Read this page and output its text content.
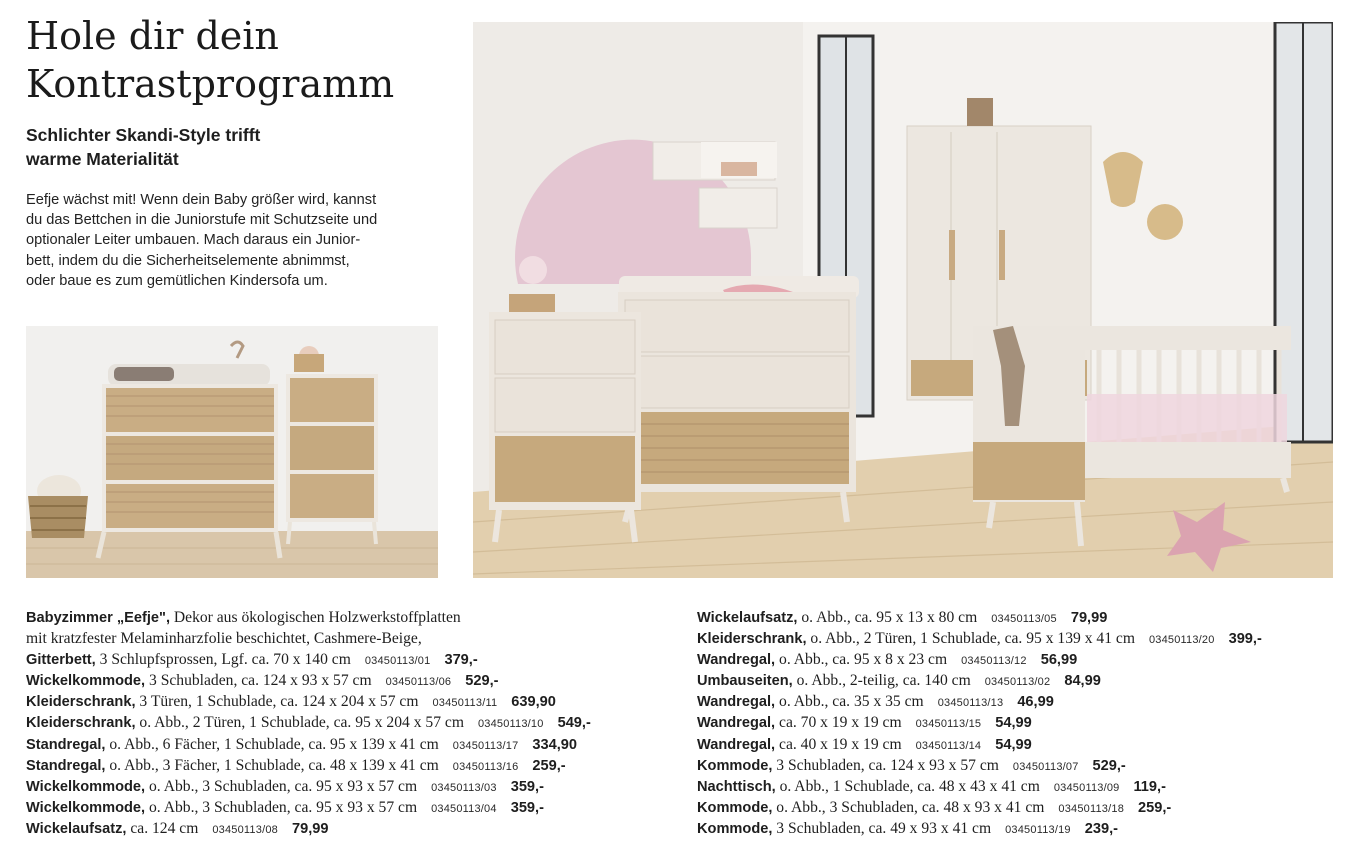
Hole dir dein
Kontrastprogramm
Schlichter Skandi-Style trifft
warme Materialität

Eefje wächst mit! Wenn dein Baby größer wird, kannst
du das Bettchen in die Juniorstufe mit Schutzseite und
optionaler Leiter umbauen. Mach daraus ein Junior-
bett, indem du die Sicherheitselemente abnimmst,
oder baue es zum gemütlichen Kindersofa um.

Babyzimmer „Eefje", Dekor aus ökologischen Holzwerkstoffplatten
mit kratzfester Melaminharzfolie beschichtet, Cashmere-Beige,
Gitterbett, 3 Schlupfsprossen, Lgf. ca. 70 x 140 cm 03450113/01 379,-
Wickelkommode, 3 Schubladen, ca. 124 x 93 x 57 cm 03450113/06 529,-
Kleiderschrank, 3 Türen, 1 Schublade, ca. 124 x 204 x 57 cm 03450113/11 639,90
Kleiderschrank, o. Abb., 2 Türen, 1 Schublade, ca. 95 x 204 x 57 cm 03450113/10 549,-
Standregal, o. Abb., 6 Fächer, 1 Schublade, ca. 95 x 139 x 41 cm 03450113/17 334,90
Standregal, o. Abb., 3 Fächer, 1 Schublade, ca. 48 x 139 x 41 cm 03450113/16 259,-
Wickelkommode, o. Abb., 3 Schubladen, ca. 95 x 93 x 57 cm 03450113/03 359,-
Wickelkommode, o. Abb., 3 Schubladen, ca. 95 x 93 x 57 cm 03450113/04 359,-
Wickelaufsatz, ca. 124 cm 03450113/08 79,99
Wickelaufsatz, o. Abb., ca. 95 x 13 x 80 cm 03450113/05 79,99
Kleiderschrank, o. Abb., 2 Türen, 1 Schublade, ca. 95 x 139 x 41 cm 03450113/20 399,-
Wandregal, o. Abb., ca. 95 x 8 x 23 cm 03450113/12 56,99
Umbauseiten, o. Abb., 2-teilig, ca. 140 cm 03450113/02 84,99
Wandregal, o. Abb., ca. 35 x 35 cm 03450113/13 46,99
Wandregal, ca. 70 x 19 x 19 cm 03450113/15 54,99
Wandregal, ca. 40 x 19 x 19 cm 03450113/14 54,99
Kommode, 3 Schubladen, ca. 124 x 93 x 57 cm 03450113/07 529,-
Nachttisch, o. Abb., 1 Schublade, ca. 48 x 43 x 41 cm 03450113/09 119,-
Kommode, o. Abb., 3 Schubladen, ca. 48 x 93 x 41 cm 03450113/18 259,-
Kommode, 3 Schubladen, ca. 49 x 93 x 41 cm 03450113/19 239,-
